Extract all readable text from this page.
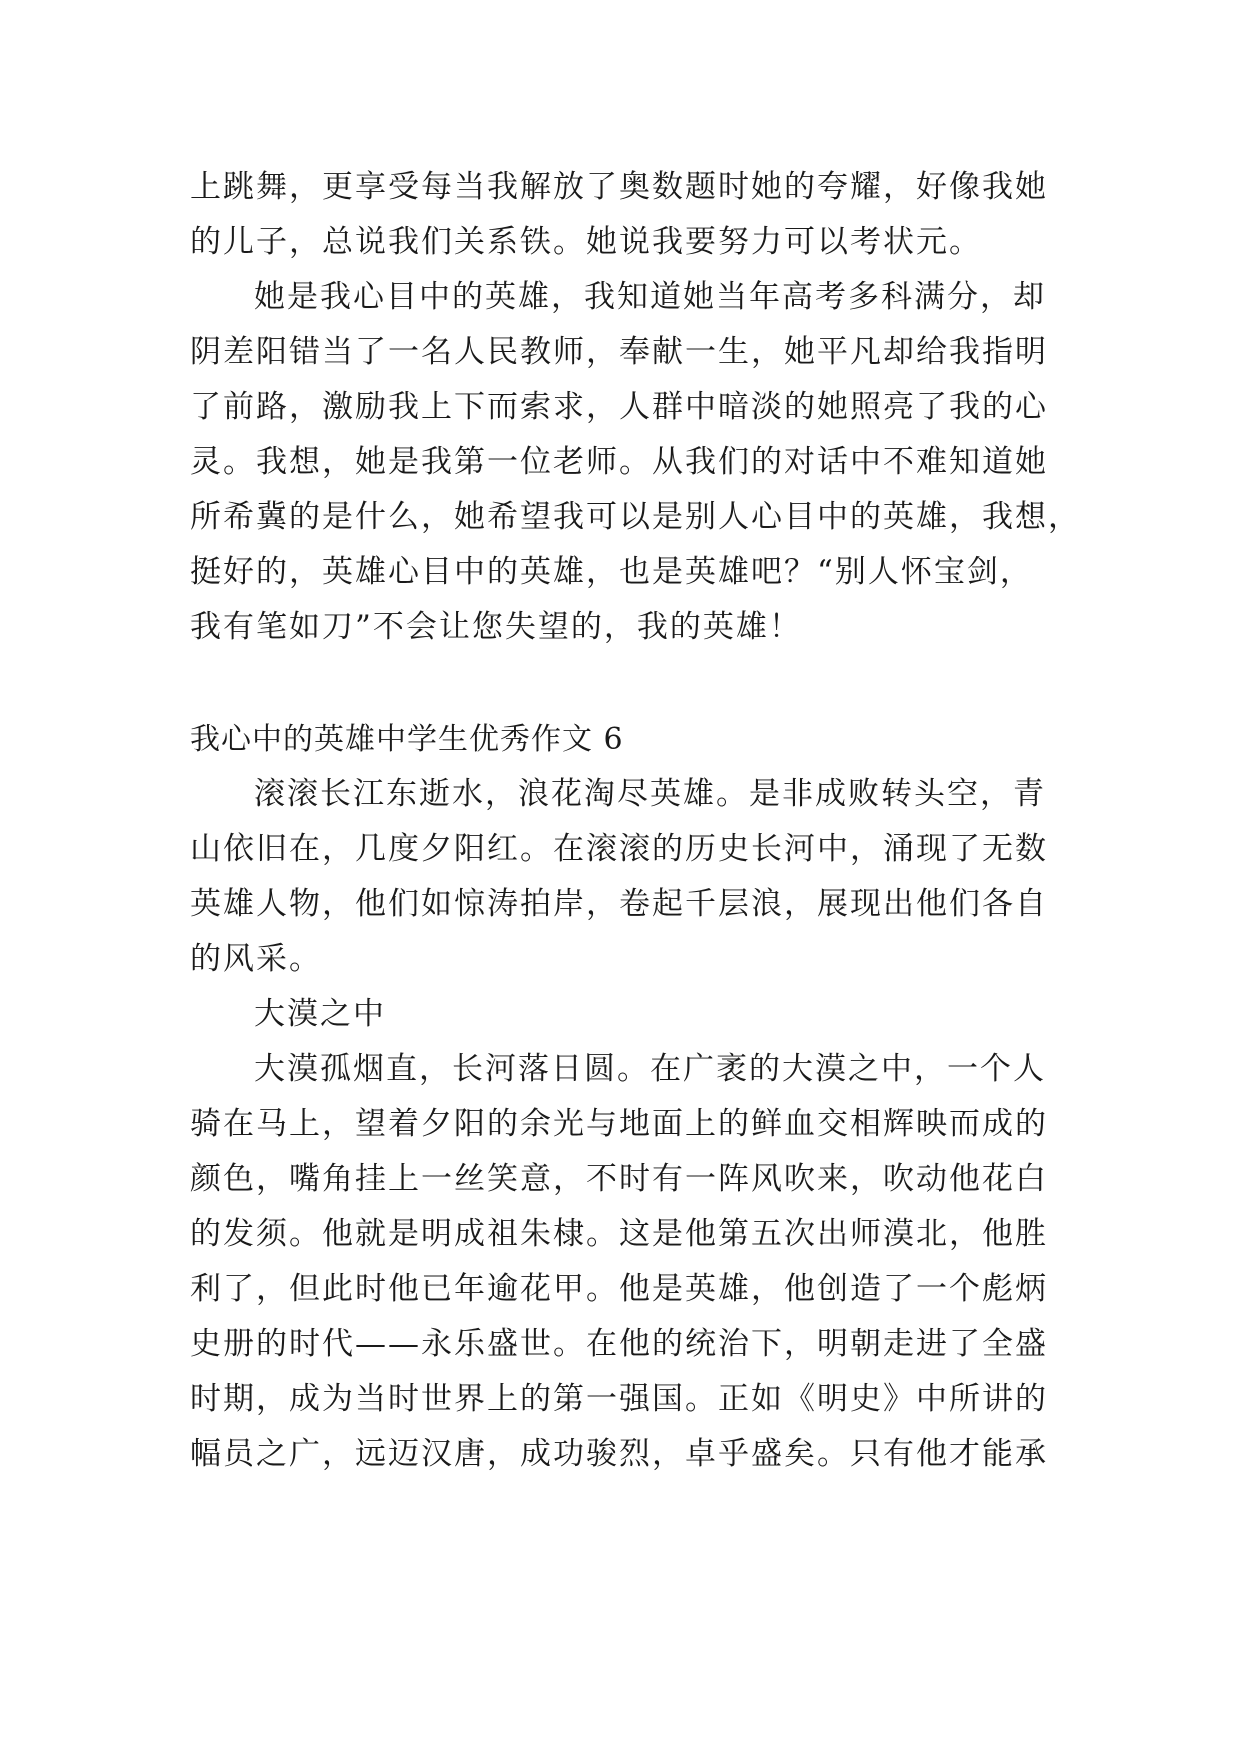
上跳舞，更享受每当我解放了奥数题时她的夸耀，好像我她
的儿子，总说我们关系铁。她说我要努力可以考状元。
她是我心目中的英雄，我知道她当年高考多科满分，却
阴差阳错当了一名人民教师，奉献一生，她平凡却给我指明
了前路，激励我上下而索求，人群中暗淡的她照亮了我的心
灵。我想，她是我第一位老师。从我们的对话中不难知道她
所希冀的是什么，她希望我可以是别人心目中的英雄，我想，
挺好的，英雄心目中的英雄，也是英雄吧？“别人怀宝剑，
我有笔如刀”不会让您失望的，我的英雄！
我心中的英雄中学生优秀作文 6
滚滚长江东逝水，浪花淘尽英雄。是非成败转头空，青
山依旧在，几度夕阳红。在滚滚的历史长河中，涌现了无数
英雄人物，他们如惊涛拍岸，卷起千层浪，展现出他们各自
的风采。
大漠之中
大漠孤烟直，长河落日圆。在广袤的大漠之中，一个人
骑在马上，望着夕阳的余光与地面上的鲜血交相辉映而成的
颜色，嘴角挂上一丝笑意，不时有一阵风吹来，吹动他花白
的发须。他就是明成祖朱棣。这是他第五次出师漠北，他胜
利了，但此时他已年逾花甲。他是英雄，他创造了一个彪炳
史册的时代——永乐盛世。在他的统治下，明朝走进了全盛
时期，成为当时世界上的第一强国。正如《明史》中所讲的
幅员之广，远迈汉唐，成功骏烈，卓乎盛矣。只有他才能承
